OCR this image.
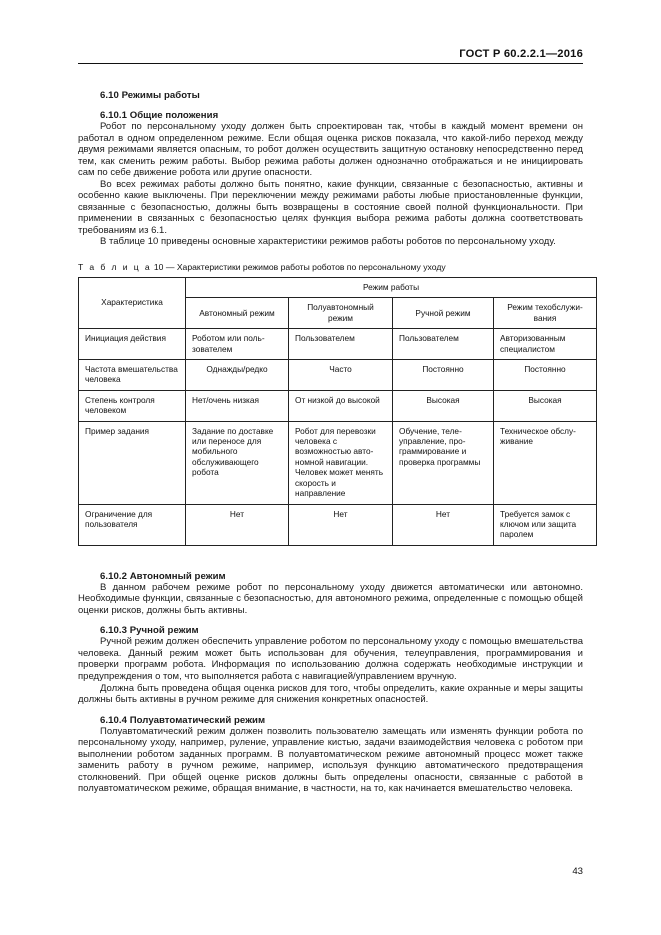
ГОСТ Р 60.2.2.1—2016
6.10 Режимы работы
6.10.1 Общие положения

Робот по персональному уходу должен быть спроектирован так, чтобы в каждый момент времени он работал в одном определенном режиме. Если общая оценка рисков показала, что какой-либо переход между двумя режимами является опасным, то робот должен осуществить защитную остановку непосредственно перед тем, как сменить режим работы. Выбор режима работы должен однозначно отображаться и не инициировать сам по себе движение робота или другие опасности.

Во всех режимах работы должно быть понятно, какие функции, связанные с безопасностью, активны и особенно какие выключены. При переключении между режимами работы любые приостановленные функции, связанные с безопасностью, должны быть возвращены в состояние своей полной функциональности. При применении в связанных с безопасностью целях функция выбора режима работы должна соответствовать требованиям из 6.1.

В таблице 10 приведены основные характеристики режимов работы роботов по персональному уходу.

Т а б л и ц а 10 — Характеристики режимов работы роботов по персональному уходу
Характеристика	Режим работы			
	Автономный режим	Полуавтономный режим	Ручной режим	Режим техобслуживания
Инициация действия	Роботом или пользователем	Пользователем	Пользователем	Авторизованным специалистом
Частота вмешательства человека	Однажды/редко	Часто	Постоянно	Постоянно
Степень контроля человеком	Нет/очень низкая	От низкой до высокой	Высокая	Высокая
Пример задания	Задание по доставке или переносе для мобильного обслуживающего робота	Робот для перевозки человека с возможностью автономной навигации. Человек может менять скорость и направление	Обучение, телеуправление, программирование и проверка программы	Техническое обслуживание
Ограничение для пользователя	Нет	Нет	Нет	Требуется замок с ключом или защита паролем
6.10.2 Автономный режим

В данном рабочем режиме робот по персональному уходу движется автоматически или автономно. Необходимые функции, связанные с безопасностью, для автономного режима, определенные с помощью общей оценки рисков, должны быть активны.

6.10.3 Ручной режим

Ручной режим должен обеспечить управление роботом по персональному уходу с помощью вмешательства человека. Данный режим может быть использован для обучения, телеуправления, программирования и проверки программ робота. Информация по использованию должна содержать необходимые инструкции и предупреждения о том, что выполняется работа с навигацией/управлением вручную.

Должна быть проведена общая оценка рисков для того, чтобы определить, какие охранные и меры защиты должны быть активны в ручном режиме для снижения конкретных опасностей.

6.10.4 Полуавтоматический режим

Полуавтоматический режим должен позволить пользователю замещать или изменять функции робота по персональному уходу, например, руление, управление кистью, задачи взаимодействия человека с роботом при выполнении роботом заданных программ. В полуавтоматическом режиме автономный процесс может также заменить работу в ручном режиме, например, используя функцию автоматического предотвращения столкновений. При общей оценке рисков должны быть определены опасности, связанные с работой в полуавтоматическом режиме, обращая внимание, в частности, на то, как начинается вмешательство человека.

43
